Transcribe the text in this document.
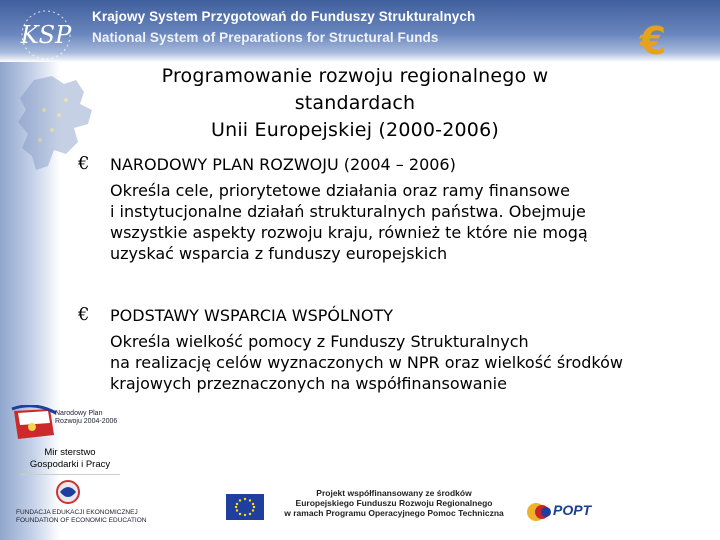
KSP
Krajowy System Przygotowań do Funduszy Strukturalnych
National System of Preparations for Structural Funds	€
Programowanie rozwoju regionalnego w standardach
Unii Europejskiej (2000-2006)
€ NARODOWY PLAN ROZWOJU (2004 – 2006)
Określa cele, priorytetowe działania oraz ramy finansowe
i instytucjonalne działań strukturalnych państwa. Obejmuje
wszystkie aspekty rozwoju kraju, również te które nie mogą
uzyskać wsparcia z funduszy europejskich
€ PODSTAWY WSPARCIA WSPÓLNOTY
Określa wielkość pomocy z Funduszy Strukturalnych
na realizację celów wyznaczonych w NPR oraz wielkość środków
krajowych przeznaczonych na współfinansowanie
Narodowy Plan
Rozwoju 2004-2006
Mir sterstwo
Gospodarki i Pracy
FUNDACJA EDUKACJI EKONOMICZNEJ
FOUNDATION OF ECONOMIC EDUCATION
Projekt współfinansowany ze środków
Europejskiego Funduszu Rozwoju Regionalnego
w ramach Programu Operacyjnego Pomoc Techniczna	POPT
